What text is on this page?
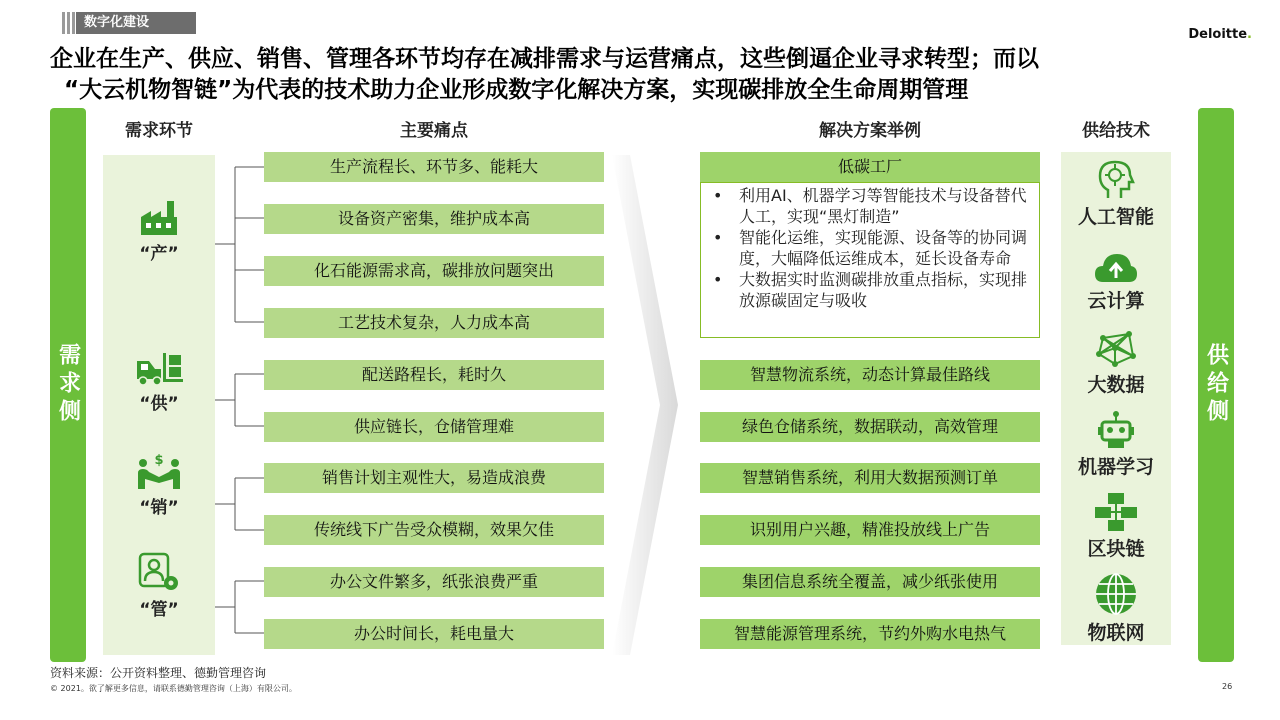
数字化建设
Deloitte.
企业在生产、供应、销售、管理各环节均存在减排需求与运营痛点，这些倒逼企业寻求转型；而以
“大云机物智链”为代表的技术助力企业形成数字化解决方案，实现碳排放全生命周期管理
需求侧	供给侧
需求环节	主要痛点	解决方案举例	供给技术
“产”
“供”
$
“销”
“管”
生产流程长、环节多、能耗大
设备资产密集，维护成本高
化石能源需求高，碳排放问题突出
工艺技术复杂，人力成本高
配送路程长，耗时久
供应链长，仓储管理难
销售计划主观性大，易造成浪费
传统线下广告受众模糊，效果欠佳
办公文件繁多，纸张浪费严重
办公时间长，耗电量大
低碳工厂
• 利用AI、机器学习等智能技术与设备替代人工，实现“黑灯制造”
• 智能化运维，实现能源、设备等的协同调度，大幅降低运维成本，延长设备寿命
• 大数据实时监测碳排放重点指标，实现排放源碳固定与吸收
智慧物流系统，动态计算最佳路线
绿色仓储系统，数据联动，高效管理
智慧销售系统，利用大数据预测订单
识别用户兴趣，精准投放线上广告
集团信息系统全覆盖，减少纸张使用
智慧能源管理系统，节约外购水电热气
人工智能
云计算
大数据
机器学习
区块链
物联网
资料来源：公开资料整理、德勤管理咨询
© 2021。欲了解更多信息，请联系德勤管理咨询（上海）有限公司。	26
